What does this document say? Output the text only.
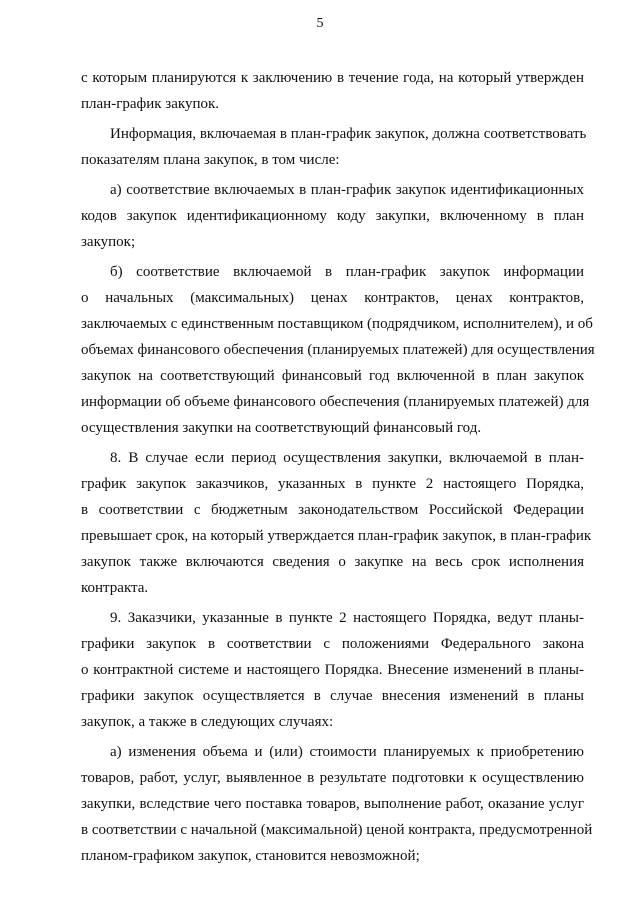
5
с которым планируются к заключению в течение года, на который утвержден
план-график закупок.
Информация, включаемая в план-график закупок, должна соответствовать
показателям плана закупок, в том числе:
а) соответствие включаемых в план-график закупок идентификационных
кодов закупок идентификационному коду закупки, включенному в план
закупок;
б) соответствие включаемой в план-график закупок информации
о начальных (максимальных) ценах контрактов, ценах контрактов,
заключаемых с единственным поставщиком (подрядчиком, исполнителем), и об
объемах финансового обеспечения (планируемых платежей) для осуществления
закупок на соответствующий финансовый год включенной в план закупок
информации об объеме финансового обеспечения (планируемых платежей) для
осуществления закупки на соответствующий финансовый год.
8. В случае если период осуществления закупки, включаемой в план-
график закупок заказчиков, указанных в пункте 2 настоящего Порядка,
в соответствии с бюджетным законодательством Российской Федерации
превышает срок, на который утверждается план-график закупок, в план-график
закупок также включаются сведения о закупке на весь срок исполнения
контракта.
9. Заказчики, указанные в пункте 2 настоящего Порядка, ведут планы-
графики закупок в соответствии с положениями Федерального закона
о контрактной системе и настоящего Порядка. Внесение изменений в планы-
графики закупок осуществляется в случае внесения изменений в планы
закупок, а также в следующих случаях:
а) изменения объема и (или) стоимости планируемых к приобретению
товаров, работ, услуг, выявленное в результате подготовки к осуществлению
закупки, вследствие чего поставка товаров, выполнение работ, оказание услуг
в соответствии с начальной (максимальной) ценой контракта, предусмотренной
планом-графиком закупок, становится невозможной;
